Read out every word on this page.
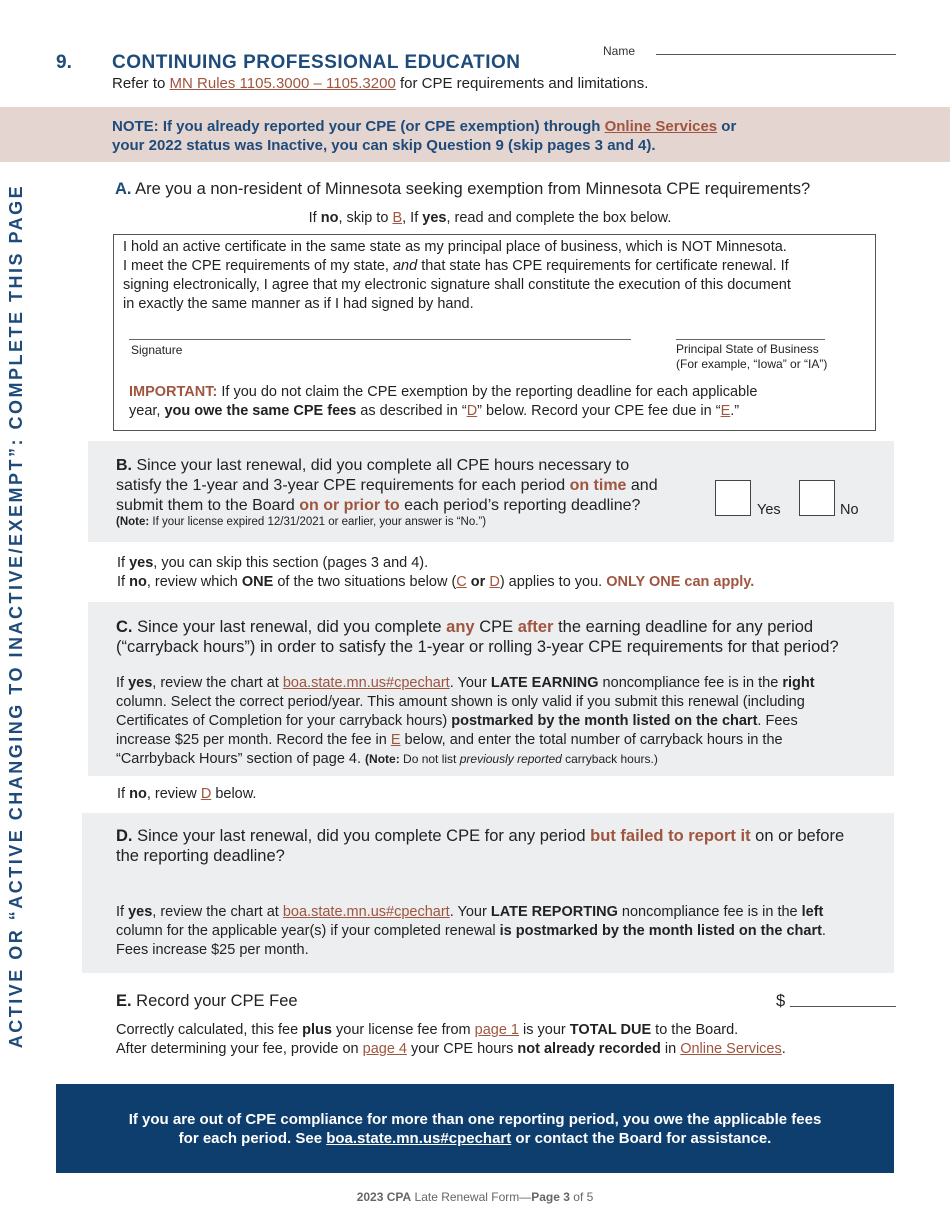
ACTIVE OR “ACTIVE CHANGING TO INACTIVE/EXEMPT”: COMPLETE THIS PAGE
9. CONTINUING PROFESSIONAL EDUCATION
Refer to MN Rules 1105.3000 – 1105.3200 for CPE requirements and limitations.
Name
NOTE: If you already reported your CPE (or CPE exemption) through Online Services or
your 2022 status was Inactive, you can skip Question 9 (skip pages 3 and 4).
A. Are you a non-resident of Minnesota seeking exemption from Minnesota CPE requirements?
If no, skip to B, If yes, read and complete the box below.
I hold an active certificate in the same state as my principal place of business, which is NOT Minnesota.
I meet the CPE requirements of my state, and that state has CPE requirements for certificate renewal. If
signing electronically, I agree that my electronic signature shall constitute the execution of this document
in exactly the same manner as if I had signed by hand.
Signature	Principal State of Business
(For example, “Iowa” or “IA”)
IMPORTANT: If you do not claim the CPE exemption by the reporting deadline for each applicable
year, you owe the same CPE fees as described in “D” below. Record your CPE fee due in “E.”
B. Since your last renewal, did you complete all CPE hours necessary to
satisfy the 1-year and 3-year CPE requirements for each period on time and
submit them to the Board on or prior to each period’s reporting deadline?
(Note: If your license expired 12/31/2021 or earlier, your answer is “No.”)
Yes	No
If yes, you can skip this section (pages 3 and 4).
If no, review which ONE of the two situations below (C or D) applies to you. ONLY ONE can apply.
C. Since your last renewal, did you complete any CPE after the earning deadline for any period
(“carryback hours”) in order to satisfy the 1-year or rolling 3-year CPE requirements for that period?
If yes, review the chart at boa.state.mn.us#cpechart. Your LATE EARNING noncompliance fee is in the right
column. Select the correct period/year. This amount shown is only valid if you submit this renewal (including
Certificates of Completion for your carryback hours) postmarked by the month listed on the chart. Fees
increase $25 per month. Record the fee in E below, and enter the total number of carryback hours in the
“Carrbyback Hours” section of page 4. (Note: Do not list previously reported carryback hours.)
If no, review D below.
D. Since your last renewal, did you complete CPE for any period but failed to report it on or before
the reporting deadline?
If yes, review the chart at boa.state.mn.us#cpechart. Your LATE REPORTING noncompliance fee is in the left
column for the applicable year(s) if your completed renewal is postmarked by the month listed on the chart.
Fees increase $25 per month.
E. Record your CPE Fee	$
Correctly calculated, this fee plus your license fee from page 1 is your TOTAL DUE to the Board.
After determining your fee, provide on page 4 your CPE hours not already recorded in Online Services.
If you are out of CPE compliance for more than one reporting period, you owe the applicable fees
for each period. See boa.state.mn.us#cpechart or contact the Board for assistance.
2023 CPA Late Renewal Form—Page 3 of 5
